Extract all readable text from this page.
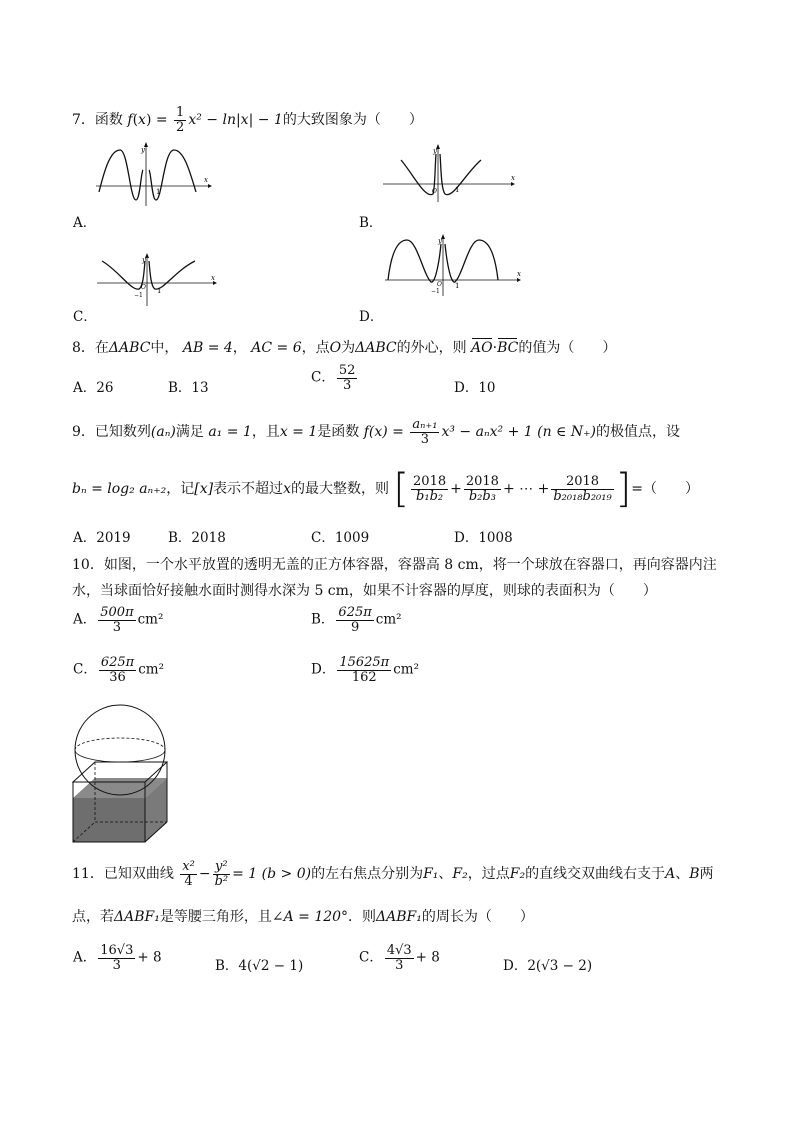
7．函数 $f(x) = \frac{1}{2} x^2 - \ln|x| - 1$的大致图象为（　　）
y
x
1
A．
y
x
1
O
B．
y
x
1
−1
O
C．
y
x
1
−1
O
D．
8．在ΔABC中， AB = 4， AC = 6，点O为ΔABC的外心，则 AO·BC的值为（　　）
A．26	B．13
C． $\frac{52}{3}$	D．10
9．已知数列(aₙ)满足 a₁ = 1，且x = 1是函数 $f(x) = \frac{\text{aₙ₊₁}}{3} x^3 - a_nx^2 + 1$ (n ∈ N₊)的极值点，设
bₙ = log₂ aₙ₊₂，记[x]表示不超过x的最大整数，则 [ $\frac{2018}{\text{b₁b₂}} + \frac{2018}{\text{b₂b₃}}$ + ⋯ + $\frac{2018}{\text{b₂₀₁₈b₂₀₁₉}}$ ]=（　　）
A．2019	B．2018	C．1009	D．1008
10．如图，一个水平放置的透明无盖的正方体容器，容器高 8 cm，将一个球放在容器口，再向容器内注
水，当球面恰好接触水面时测得水深为 5 cm，如果不计容器的厚度，则球的表面积为（　　）
A． $\frac{500\pi}{3} cm^2$	B． $\frac{625\pi}{9} cm^2$
C． $\frac{625\pi}{36} cm^2$	D． $\frac{15625\pi}{162} cm^2$
11．已知双曲线 $\frac{\text{x²}}{4} - \frac{\text{y²}}{\text{b²}} = 1$ (b > 0)的左右焦点分别为F₁、F₂，过点F₂的直线交双曲线右支于A、B两
点，若ΔABF₁是等腰三角形，且∠A = 120°．则ΔABF₁的周长为（　　）
A． $\frac{16√3}{3} + 8$
B．4(√2 − 1)
C． $\frac{4√3}{3} + 8$
D．2(√3 − 2)
